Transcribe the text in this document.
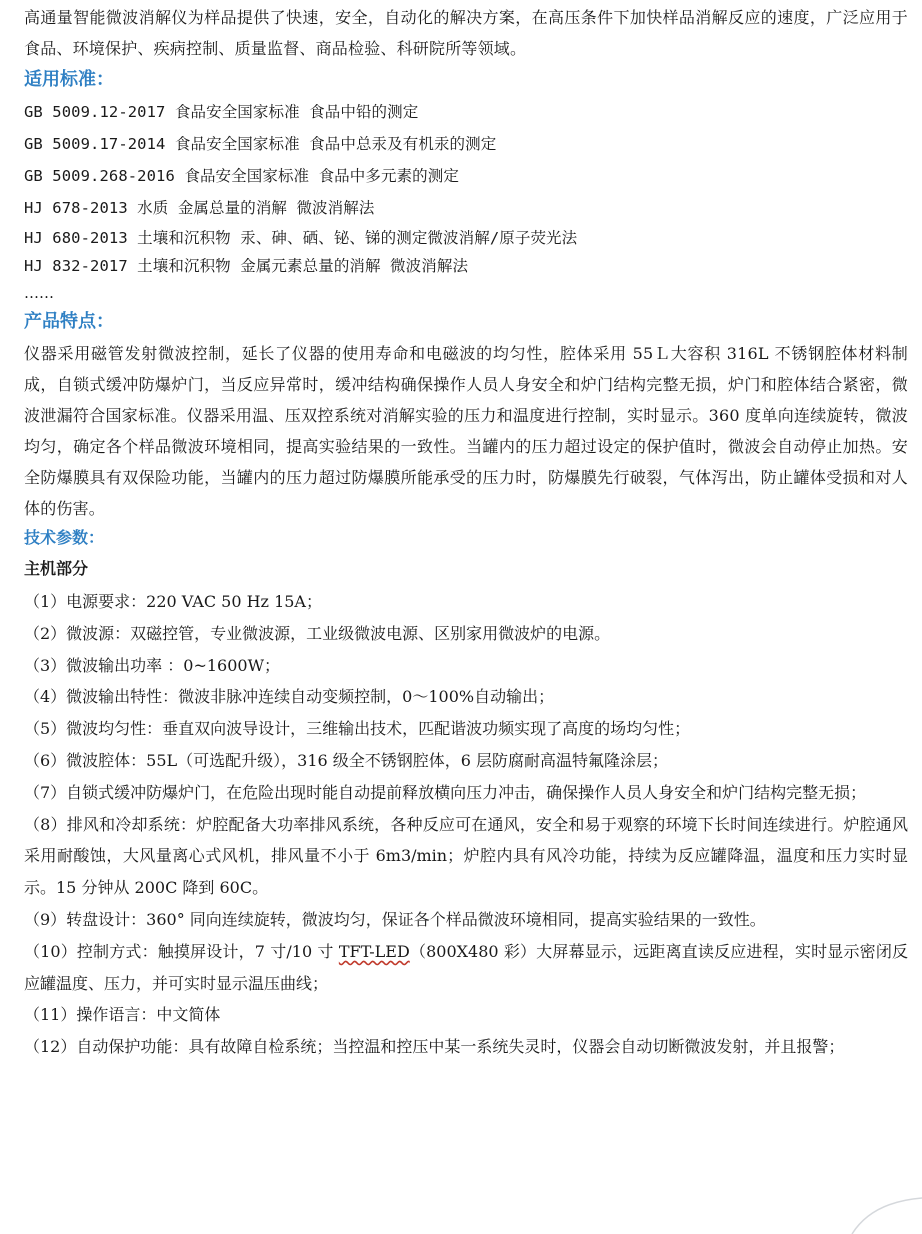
高通量智能微波消解仪为样品提供了快速，安全，自动化的解决方案，在高压条件下加快样品消解反应的速度，广泛应用于食品、环境保护、疾病控制、质量监督、商品检验、科研院所等领域。

适用标准：

GB 5009.12-2017 食品安全国家标准 食品中铅的测定

GB 5009.17-2014 食品安全国家标准 食品中总汞及有机汞的测定

GB 5009.268-2016 食品安全国家标准 食品中多元素的测定

HJ 678-2013 水质 金属总量的消解 微波消解法

HJ 680-2013 土壤和沉积物 汞、砷、硒、铋、锑的测定微波消解/原子荧光法

HJ 832-2017 土壤和沉积物 金属元素总量的消解 微波消解法

……

产品特点：

仪器采用磁管发射微波控制，延长了仪器的使用寿命和电磁波的均匀性，腔体采用 55Ｌ大容积 316L 不锈钢腔体材料制成，自锁式缓冲防爆炉门，当反应异常时，缓冲结构确保操作人员人身安全和炉门结构完整无损，炉门和腔体结合紧密，微波泄漏符合国家标准。仪器采用温、压双控系统对消解实验的压力和温度进行控制，实时显示。360 度单向连续旋转，微波均匀，确定各个样品微波环境相同，提高实验结果的一致性。当罐内的压力超过设定的保护值时，微波会自动停止加热。安全防爆膜具有双保险功能，当罐内的压力超过防爆膜所能承受的压力时，防爆膜先行破裂，气体泻出，防止罐体受损和对人体的伤害。

技术参数：

主机部分

（1）电源要求：220 VAC 50 Hz 15A；

（2）微波源：双磁控管，专业微波源，工业级微波电源、区别家用微波炉的电源。

（3）微波输出功率 ：0~1600W；

（4）微波输出特性：微波非脉冲连续自动变频控制，0～100%自动输出；

（5）微波均匀性：垂直双向波导设计，三维输出技术，匹配谐波功频实现了高度的场均匀性；

（6）微波腔体：55L（可选配升级），316 级全不锈钢腔体，6 层防腐耐高温特氟隆涂层；

（7）自锁式缓冲防爆炉门，在危险出现时能自动提前释放横向压力冲击，确保操作人员人身安全和炉门结构完整无损；

（8）排风和冷却系统：炉腔配备大功率排风系统，各种反应可在通风，安全和易于观察的环境下长时间连续进行。炉腔通风采用耐酸蚀，大风量离心式风机，排风量不小于 6m3/min；炉腔内具有风冷功能，持续为反应罐降温，温度和压力实时显示。15 分钟从 200C 降到 60C。

（9）转盘设计：360° 同向连续旋转，微波均匀，保证各个样品微波环境相同，提高实验结果的一致性。

（10）控制方式：触摸屏设计，7 寸/10 寸 TFT-LED（800X480 彩）大屏幕显示，远距离直读反应进程，实时显示密闭反应罐温度、压力，并可实时显示温压曲线；

（11）操作语言：中文简体

（12）自动保护功能：具有故障自检系统；当控温和控压中某一系统失灵时，仪器会自动切断微波发射，并且报警；
